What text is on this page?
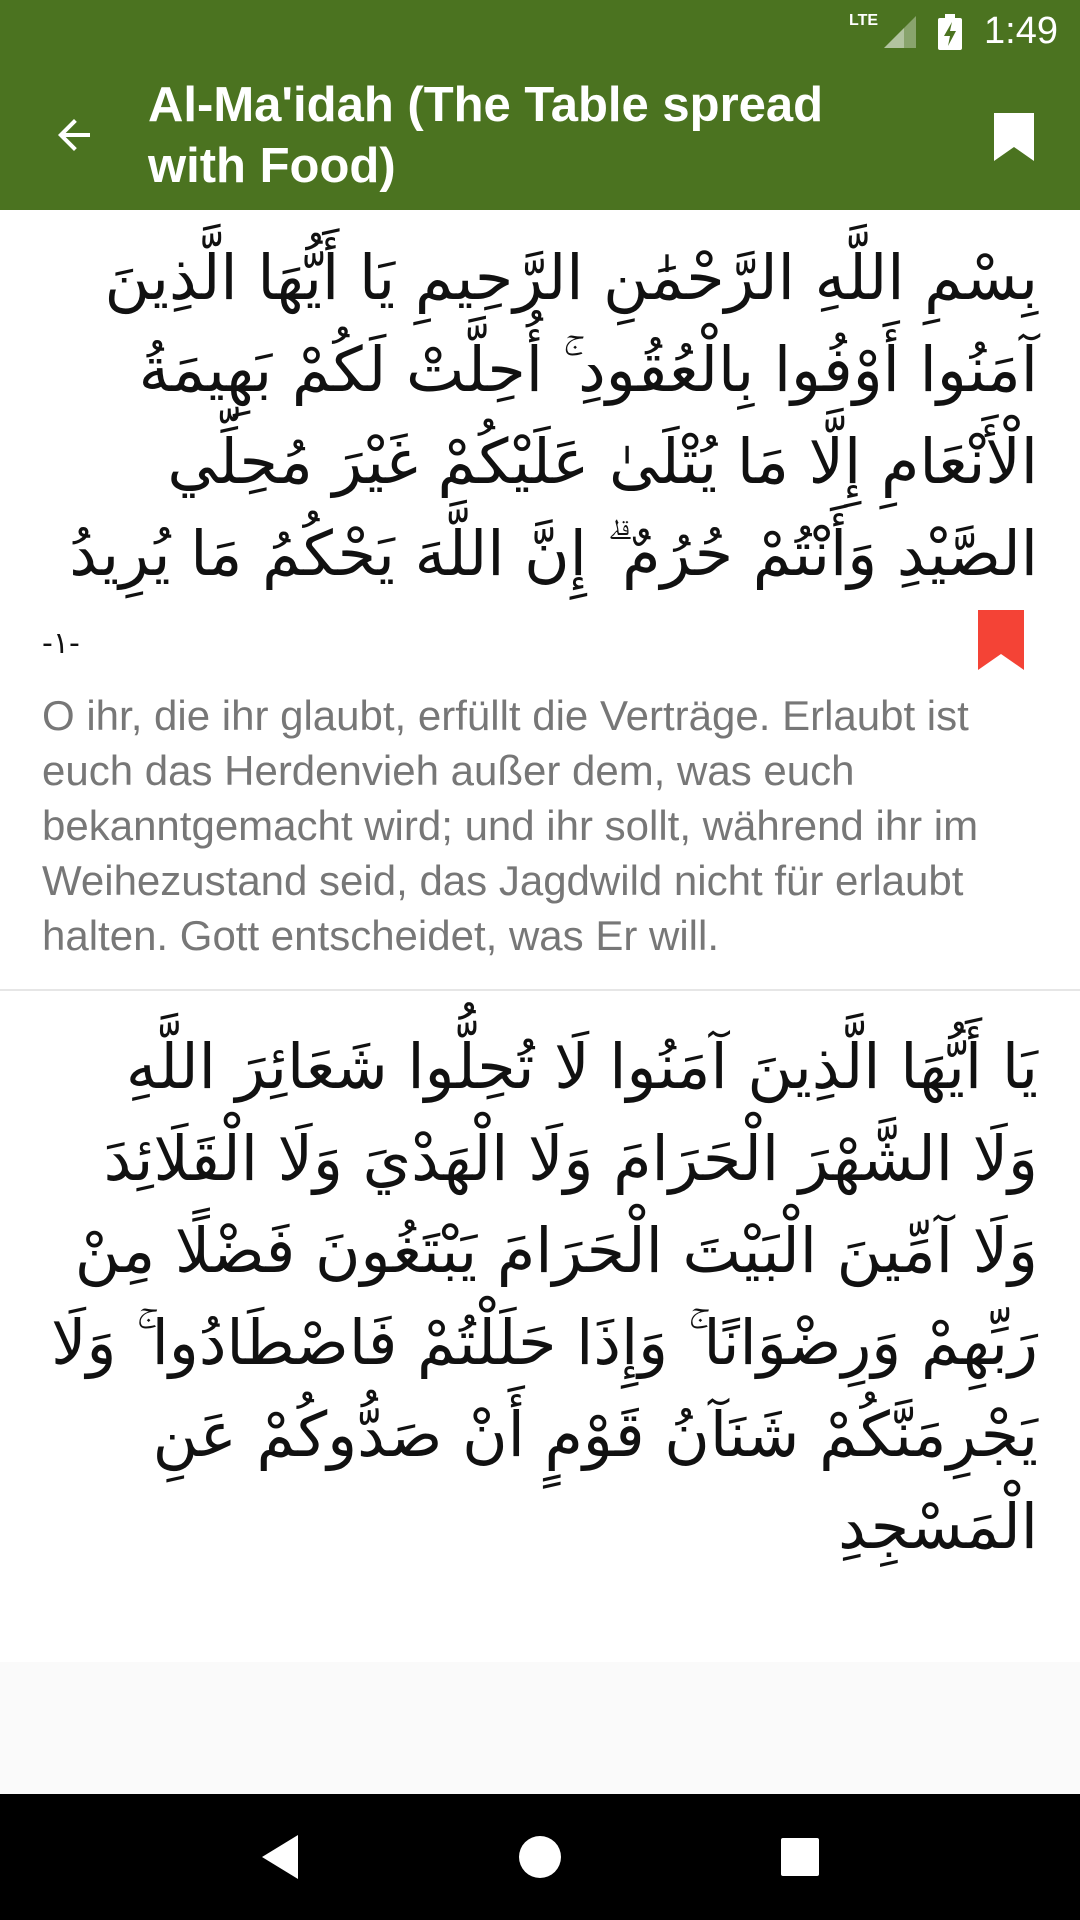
LTE	1:49
Al-Ma'idah (The Table spread with Food)
بِسْمِ اللَّهِ الرَّحْمَٰنِ الرَّحِيمِ يَا أَيُّهَا الَّذِينَ آمَنُوا أَوْفُوا بِالْعُقُودِ ۚ أُحِلَّتْ لَكُمْ بَهِيمَةُ الْأَنْعَامِ إِلَّا مَا يُتْلَىٰ عَلَيْكُمْ غَيْرَ مُحِلِّي الصَّيْدِ وَأَنْتُمْ حُرُمٌ ۗ إِنَّ اللَّهَ يَحْكُمُ مَا يُرِيدُ
-١-
O ihr, die ihr glaubt, erfüllt die Verträge. Erlaubt ist euch das Herdenvieh außer dem, was euch bekanntgemacht wird; und ihr sollt, während ihr im Weihezustand seid, das Jagdwild nicht für erlaubt halten. Gott entscheidet, was Er will.
يَا أَيُّهَا الَّذِينَ آمَنُوا لَا تُحِلُّوا شَعَائِرَ اللَّهِ وَلَا الشَّهْرَ الْحَرَامَ وَلَا الْهَدْيَ وَلَا الْقَلَائِدَ وَلَا آمِّينَ الْبَيْتَ الْحَرَامَ يَبْتَغُونَ فَضْلًا مِنْ رَبِّهِمْ وَرِضْوَانًا ۚ وَإِذَا حَلَلْتُمْ فَاصْطَادُوا ۚ وَلَا يَجْرِمَنَّكُمْ شَنَآنُ قَوْمٍ أَنْ صَدُّوكُمْ عَنِ الْمَسْجِدِ
